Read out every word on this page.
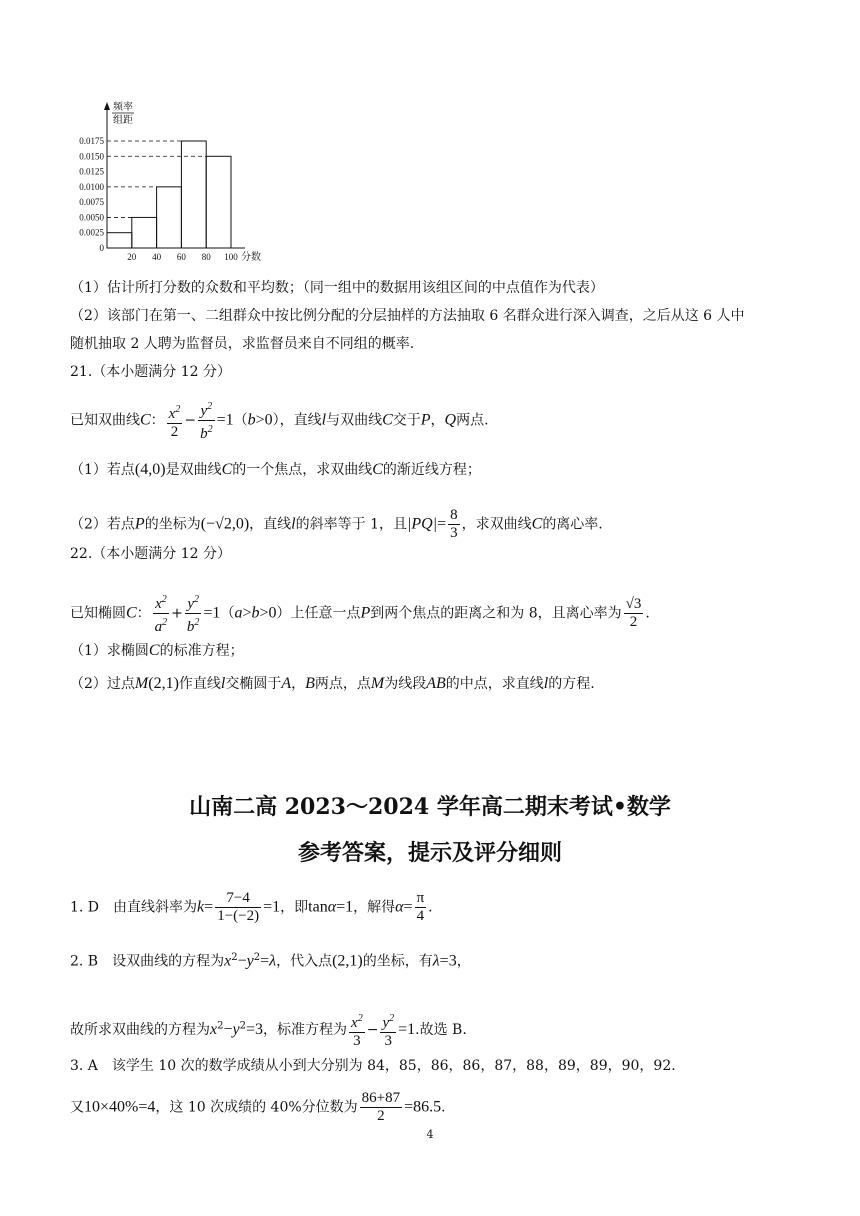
0.0175
0.0150
0.0125
0.0100
0.0075
0.0050
0.0025
0
20 40 60 80 100 分数
频率
组距
（1）估计所打分数的众数和平均数；（同一组中的数据用该组区间的中点值作为代表）
（2）该部门在第一、二组群众中按比例分配的分层抽样的方法抽取 6 名群众进行深入调查，之后从这 6 人中
随机抽取 2 人聘为监督员，求监督员来自不同组的概率.
21.（本小题满分 12 分）
已知双曲线C： $\frac{x^2}{2} - \frac{y^2}{b^2} =1(b>0)$，直线l与双曲线C交于P，Q两点.
（1）若点(4,0)是双曲线C的一个焦点，求双曲线C的渐近线方程；
（2）若点P的坐标为(−√2,0)，直线l的斜率等于 1，且$|PQ|= \frac{8}{3}$ ，求双曲线C的离心率.
22.（本小题满分 12 分）
已知椭圆C： $\frac{x^2}{a^2} + \frac{y^2}{b^2} =1(a>b>0)$上任意一点P到两个焦点的距离之和为 8，且离心率为 $\frac{√3}{2}$ .
（1）求椭圆C的标准方程；
（2）过点M(2,1)作直线l交椭圆于A，B两点，点M为线段AB的中点，求直线l的方程.
山南二高 2023～2024 学年高二期末考试•数学
参考答案，提示及评分细则
1. D　由直线斜率为$k= \frac{7-4}{1-(-2)} =1$，即tanα=1，解得$\alpha= \frac{\pi}{4}$ .
2. B　设双曲线的方程为$x^2-y^2=\lambda$，代入点(2,1)的坐标，有λ=3，
故所求双曲线的方程为$x^2-y^2=3$，标准方程为 $\frac{x^2}{3} - \frac{y^2}{3} =1$.故选 B.
3. A　该学生 10 次的数学成绩从小到大分别为 84，85，86，86，87，88，89，89，90，92.
又10×40%=4，这 10 次成绩的 40%分位数为 $\frac{86+87}{2} =86.5$.
4
